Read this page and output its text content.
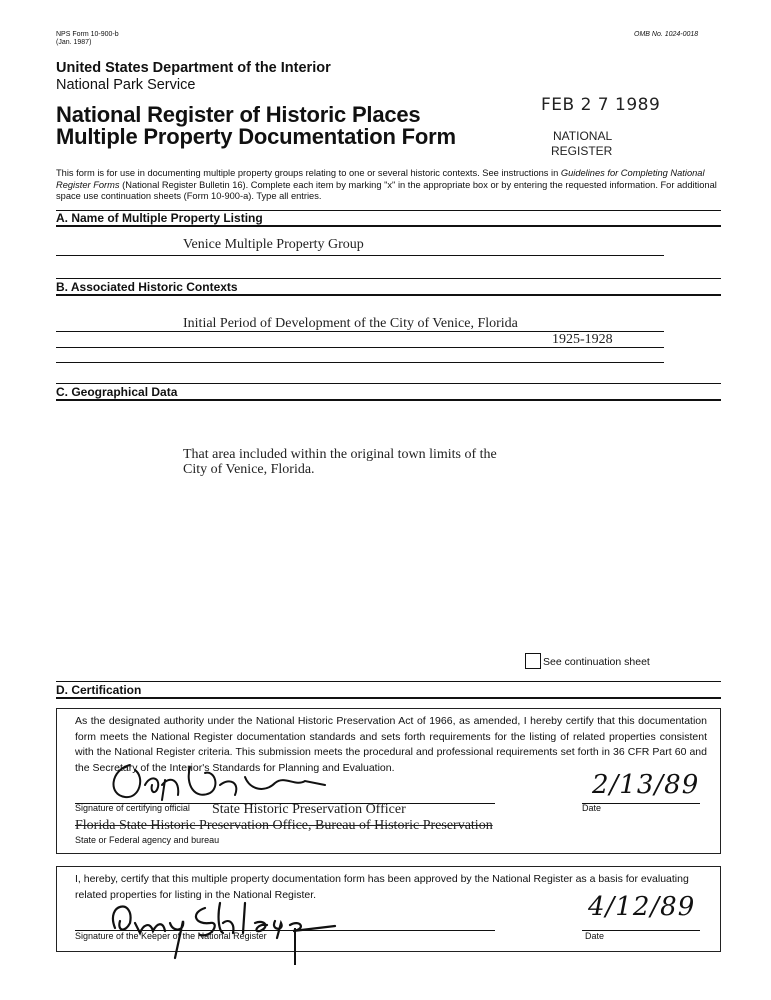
NPS Form 10-900-b
(Jan. 1987)
OMB No. 1024-0018
United States Department of the Interior
National Park Service
National Register of Historic Places
Multiple Property Documentation Form
FEB 2 7 1989
NATIONAL
REGISTER
This form is for use in documenting multiple property groups relating to one or several historic contexts. See instructions in Guidelines for Completing National Register Forms (National Register Bulletin 16). Complete each item by marking "x" in the appropriate box or by entering the requested information. For additional space use continuation sheets (Form 10-900-a). Type all entries.
A. Name of Multiple Property Listing
Venice Multiple Property Group
B. Associated Historic Contexts
Initial Period of Development of the City of Venice, Florida
1925-1928
C. Geographical Data
That area included within the original town limits of the
City of Venice, Florida.
See continuation sheet
D. Certification
As the designated authority under the National Historic Preservation Act of 1966, as amended, I hereby certify that this documentation form meets the National Register documentation standards and sets forth requirements for the listing of related properties consistent with the National Register criteria. This submission meets the procedural and professional requirements set forth in 36 CFR Part 60 and the Secretary of the Interior's Standards for Planning and Evaluation.
Signature of certifying official State Historic Preservation Officer	Date
2/13/89
Florida State Historic Preservation Office, Bureau of Historic Preservation
State or Federal agency and bureau
I, hereby, certify that this multiple property documentation form has been approved by the National Register as a basis for evaluating related properties for listing in the National Register.
Signature of the Keeper of the National Register	Date
4/12/89
